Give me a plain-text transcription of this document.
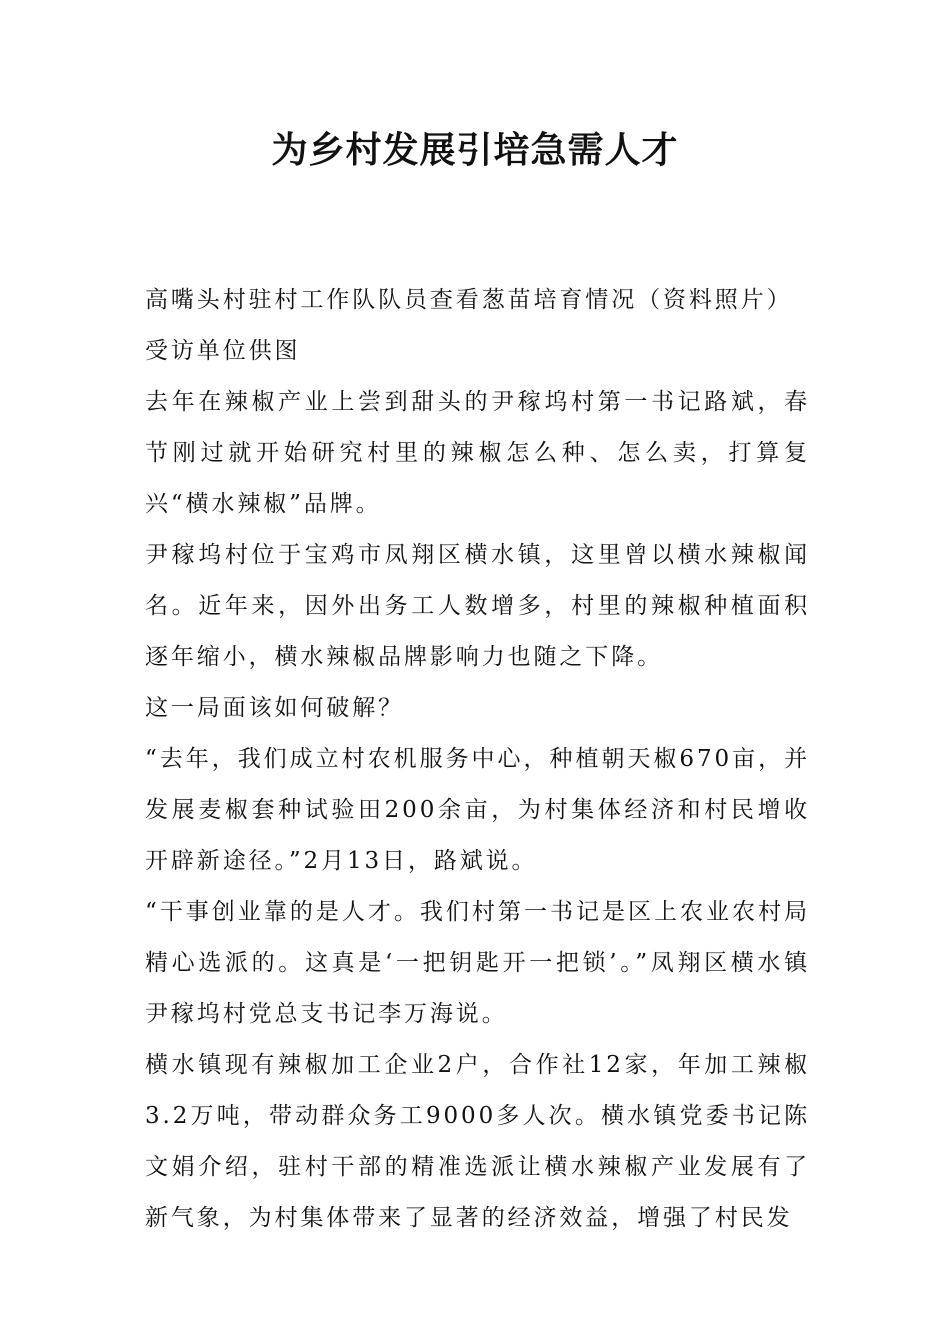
为乡村发展引培急需人才

高嘴头村驻村工作队队员查看葱苗培育情况（资料照片）

受访单位供图

去年在辣椒产业上尝到甜头的尹稼坞村第一书记路斌，春节刚过就开始研究村里的辣椒怎么种、怎么卖，打算复兴“横水辣椒”品牌。

尹稼坞村位于宝鸡市凤翔区横水镇，这里曾以横水辣椒闻名。近年来，因外出务工人数增多，村里的辣椒种植面积逐年缩小，横水辣椒品牌影响力也随之下降。

这一局面该如何破解？

“去年，我们成立村农机服务中心，种植朝天椒670亩，并发展麦椒套种试验田200余亩，为村集体经济和村民增收开辟新途径。”2月13日，路斌说。

“干事创业靠的是人才。我们村第一书记是区上农业农村局精心选派的。这真是‘一把钥匙开一把锁’。”凤翔区横水镇尹稼坞村党总支书记李万海说。

横水镇现有辣椒加工企业2户，合作社12家，年加工辣椒3.2万吨，带动群众务工9000多人次。横水镇党委书记陈文娟介绍，驻村干部的精准选派让横水辣椒产业发展有了新气象，为村集体带来了显著的经济效益，增强了村民发
